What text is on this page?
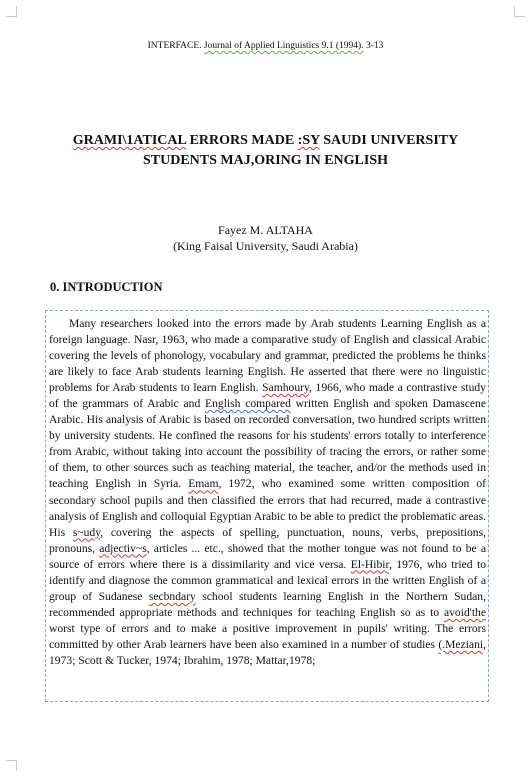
INTERFACE. Journal of Applied Linguistics 9.1 (1994). 3-13
GRAMI\1ATICAL ERRORS MADE :SY SAUDI UNIVERSITY
STUDENTS MAJ,ORING IN ENGLISH
Fayez M. ALTAHA
(King Faisal University, Saudi Arabia)
0. INTRODUCTION

Many researchers looked into the errors made by Arab students Learning English as a foreign language. Nasr, 1963, who made a comparative study of English and classical Arabic covering the levels of phonology, vocabulary and grammar, predicted the problems he thinks are likely to face Arab students learning English. He asserted that there were no linguistic problems for Arab students to learn English. Samhoury, 1966, who made a contrastive study of the grammars of Arabic and English compared written English and spoken Damascene Arabic. His analysis of Arabic is based on recorded conversation, two hundred scripts written by university students. He confined the reasons for his students' errors totally to interference from Arabic, without taking into account the possibility of tracing the errors, or rather some of them, to other sources such as teaching material, the teacher, and/or the methods used in teaching English in Syria. Emam, 1972, who examined some written composition of secondary school pupils and then classified the errors that had recurred, made a contrastive analysis of English and colloquial Egyptian Arabic to be able to predict the problematic areas. His s~udy, covering the aspects of spelling, punctuation, nouns, verbs, prepositions, pronouns, adjectiv~s, articles ... etc., showed that the mother tongue was not found to be a source of errors where there is a dissimilarity and vice versa. El-Hibir, 1976, who tried to identify and diagnose the common grammatical and lexical errors in the written English of a group of Sudanese secbndary school students learning English in the Northern Sudan, recommended appropriate methods and techniques for teaching English so as to avoid'the worst type of errors and to make a positive improvement in pupils' writing. The errors committed by other Arab learners have been also examined in a number of studies (.Meziani, 1973; Scott & Tucker, 1974; Ibrahim, 1978; Mattar,1978;
